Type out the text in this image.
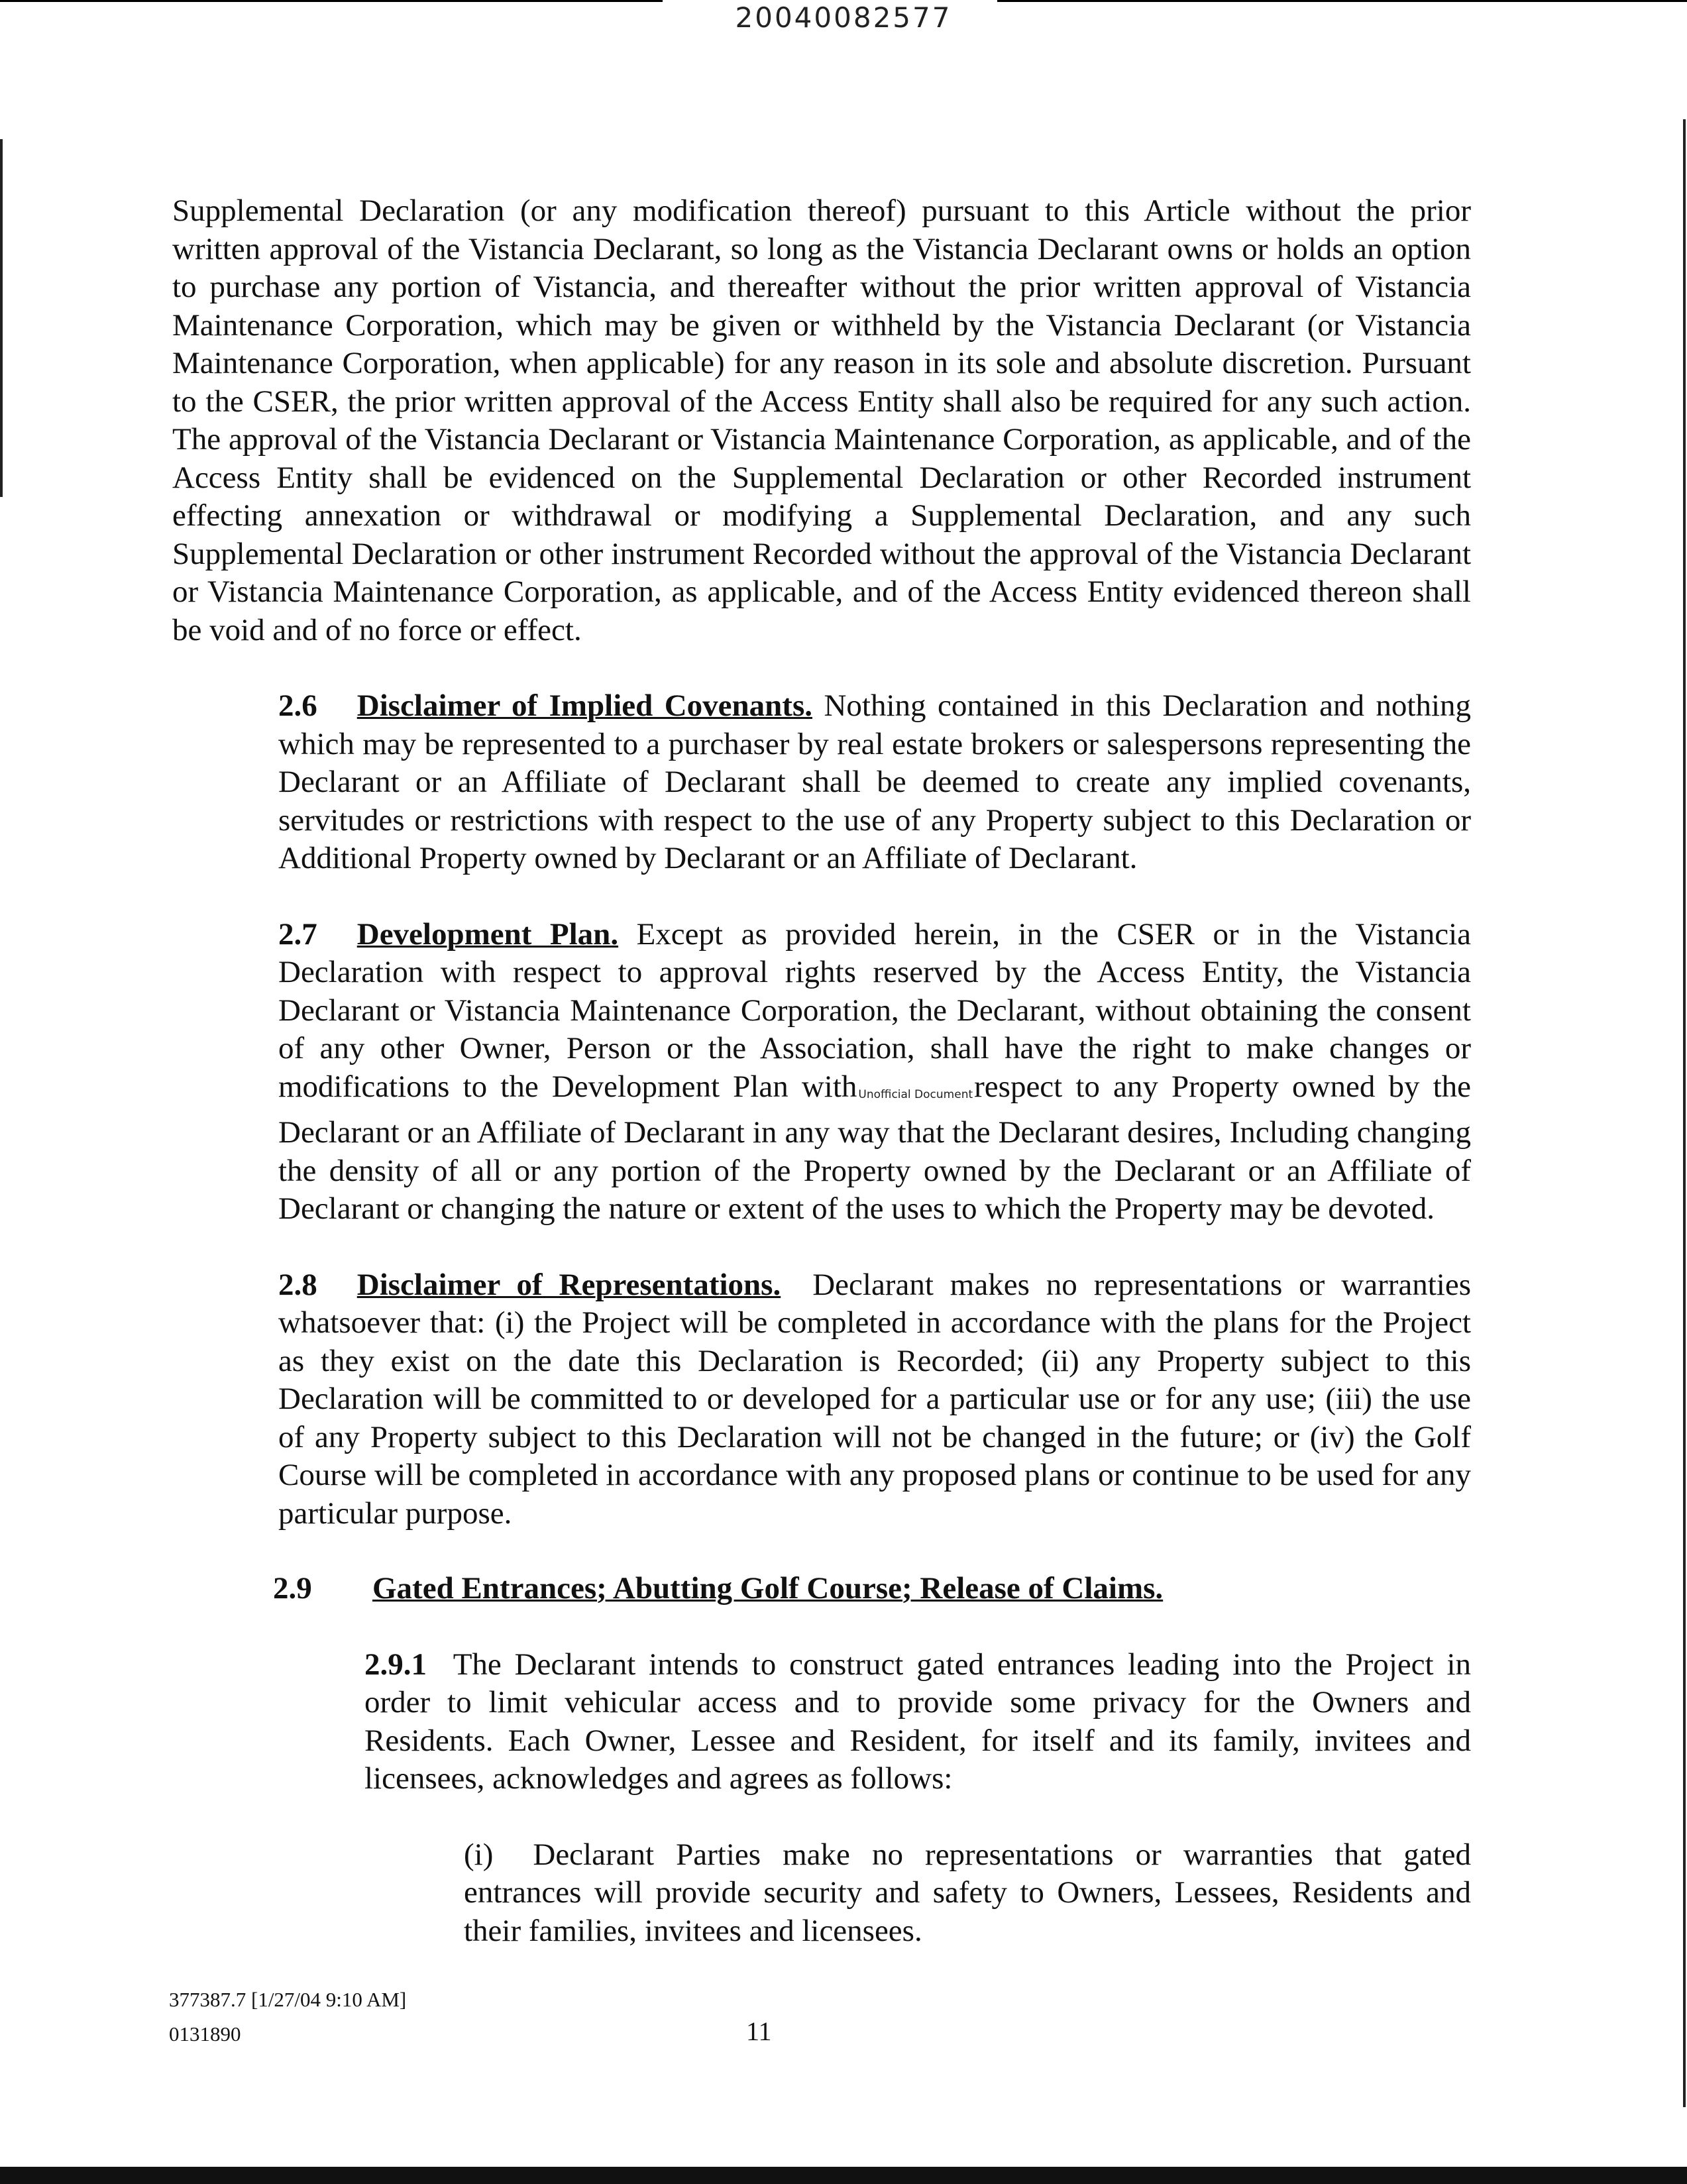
20040082577

Supplemental Declaration (or any modification thereof) pursuant to this Article without the prior written approval of the Vistancia Declarant, so long as the Vistancia Declarant owns or holds an option to purchase any portion of Vistancia, and thereafter without the prior written approval of Vistancia Maintenance Corporation, which may be given or withheld by the Vistancia Declarant (or Vistancia Maintenance Corporation, when applicable) for any reason in its sole and absolute discretion. Pursuant to the CSER, the prior written approval of the Access Entity shall also be required for any such action. The approval of the Vistancia Declarant or Vistancia Maintenance Corporation, as applicable, and of the Access Entity shall be evidenced on the Supplemental Declaration or other Recorded instrument effecting annexation or withdrawal or modifying a Supplemental Declaration, and any such Supplemental Declaration or other instrument Recorded without the approval of the Vistancia Declarant or Vistancia Maintenance Corporation, as applicable, and of the Access Entity evidenced thereon shall be void and of no force or effect.

2.6 Disclaimer of Implied Covenants. Nothing contained in this Declaration and nothing which may be represented to a purchaser by real estate brokers or salespersons representing the Declarant or an Affiliate of Declarant shall be deemed to create any implied covenants, servitudes or restrictions with respect to the use of any Property subject to this Declaration or Additional Property owned by Declarant or an Affiliate of Declarant.

2.7 Development Plan. Except as provided herein, in the CSER or in the Vistancia Declaration with respect to approval rights reserved by the Access Entity, the Vistancia Declarant or Vistancia Maintenance Corporation, the Declarant, without obtaining the consent of any other Owner, Person or the Association, shall have the right to make changes or modifications to the Development Plan with Unofficial Documentrespect to any Property owned by the Declarant or an Affiliate of Declarant in any way that the Declarant desires, Including changing the density of all or any portion of the Property owned by the Declarant or an Affiliate of Declarant or changing the nature or extent of the uses to which the Property may be devoted.

2.8 Disclaimer of Representations. Declarant makes no representations or warranties whatsoever that: (i) the Project will be completed in accordance with the plans for the Project as they exist on the date this Declaration is Recorded; (ii) any Property subject to this Declaration will be committed to or developed for a particular use or for any use; (iii) the use of any Property subject to this Declaration will not be changed in the future; or (iv) the Golf Course will be completed in accordance with any proposed plans or continue to be used for any particular purpose.

2.9 Gated Entrances; Abutting Golf Course; Release of Claims.

2.9.1 The Declarant intends to construct gated entrances leading into the Project in order to limit vehicular access and to provide some privacy for the Owners and Residents. Each Owner, Lessee and Resident, for itself and its family, invitees and licensees, acknowledges and agrees as follows:

(i) Declarant Parties make no representations or warranties that gated entrances will provide security and safety to Owners, Lessees, Residents and their families, invitees and licensees.

377387.7 [1/27/04 9:10 AM]
0131890	11
